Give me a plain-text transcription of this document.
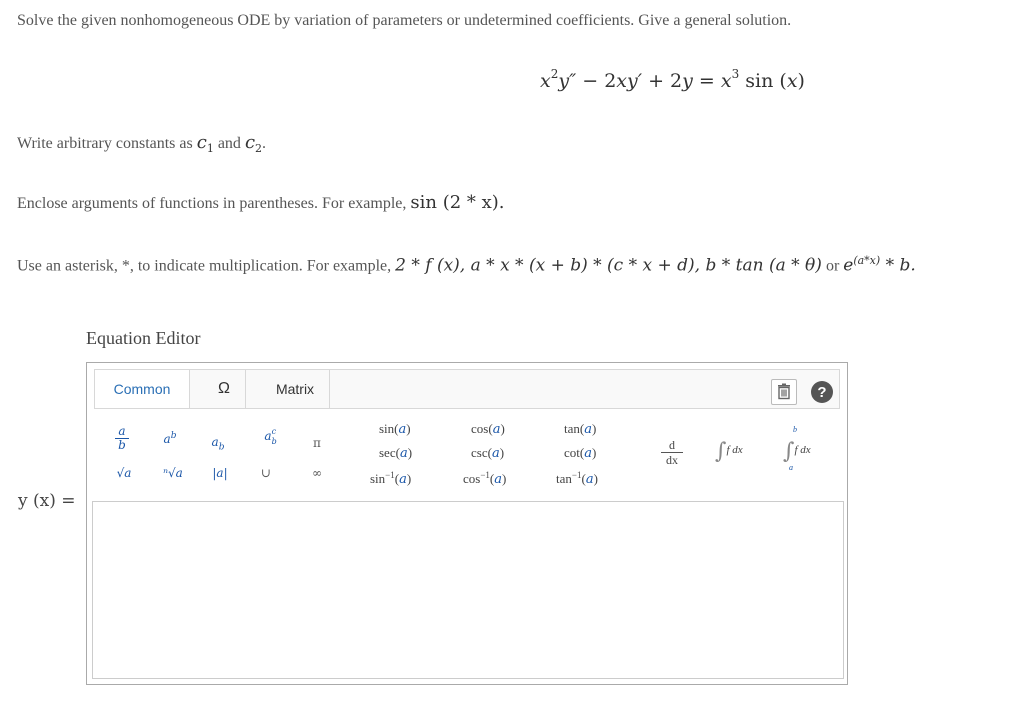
Solve the given nonhomogeneous ODE by variation of parameters or undetermined coefficients. Give a general solution.
$x^2y'' - 2xy' + 2y = x^3$ sin (x)
Write arbitrary constants as $c_1$ and $c_2$.
Enclose arguments of functions in parentheses. For example, sin (2 * x).
Use an asterisk, *, to indicate multiplication. For example, 2 * f (x), a * x * (x + b) * (c * x + d), b * tan (a * θ) or $e^{(a*x)}$ * b.
Equation Editor
y (x) =
Common	Ω	Matrix	?
a
b	$a^b$	$a_b$
a c
b	π
√a	ⁿ√a |a|	∪	∞
sin(a)	cos(a)	tan(a)
sec(a)	csc(a)	cot(a)
$\sin^{-1}(a)$	$\cos^{-1}(a)$	$\tan^{-1}(a)$
d
dx ∫f dx
b
∫f dx
a
